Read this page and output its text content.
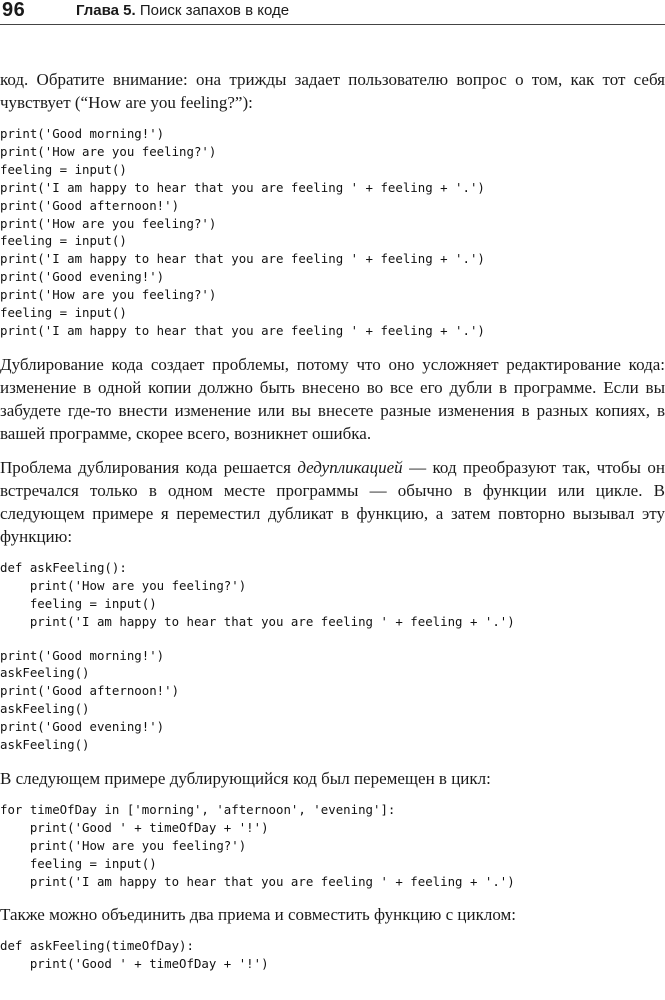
96	Глава 5. Поиск запахов в коде

код. Обратите внимание: она трижды задает пользователю вопрос о том, как тот себя чувствует (“How are you feeling?”):

print('Good morning!')
print('How are you feeling?')
feeling = input()
print('I am happy to hear that you are feeling ' + feeling + '.')
print('Good afternoon!')
print('How are you feeling?')
feeling = input()
print('I am happy to hear that you are feeling ' + feeling + '.')
print('Good evening!')
print('How are you feeling?')
feeling = input()
print('I am happy to hear that you are feeling ' + feeling + '.')

Дублирование кода создает проблемы, потому что оно усложняет редактирование кода: изменение в одной копии должно быть внесено во все его дубли в программе. Если вы забудете где-то внести изменение или вы внесете разные изменения в разных копиях, в вашей программе, скорее всего, возникнет ошибка.

Проблема дублирования кода решается дедупликацией — код преобразуют так, чтобы он встречался только в одном месте программы — обычно в функции или цикле. В следующем примере я переместил дубликат в функцию, а затем повторно вызывал эту функцию:

def askFeeling():
print('How are you feeling?')
feeling = input()
print('I am happy to hear that you are feeling ' + feeling + '.')
print('Good morning!')
askFeeling()
print('Good afternoon!')
askFeeling()
print('Good evening!')
askFeeling()

В следующем примере дублирующийся код был перемещен в цикл:

for timeOfDay in ['morning', 'afternoon', 'evening']:
print('Good ' + timeOfDay + '!')
print('How are you feeling?')
feeling = input()
print('I am happy to hear that you are feeling ' + feeling + '.')

Также можно объединить два приема и совместить функцию с циклом:

def askFeeling(timeOfDay):
print('Good ' + timeOfDay + '!')
